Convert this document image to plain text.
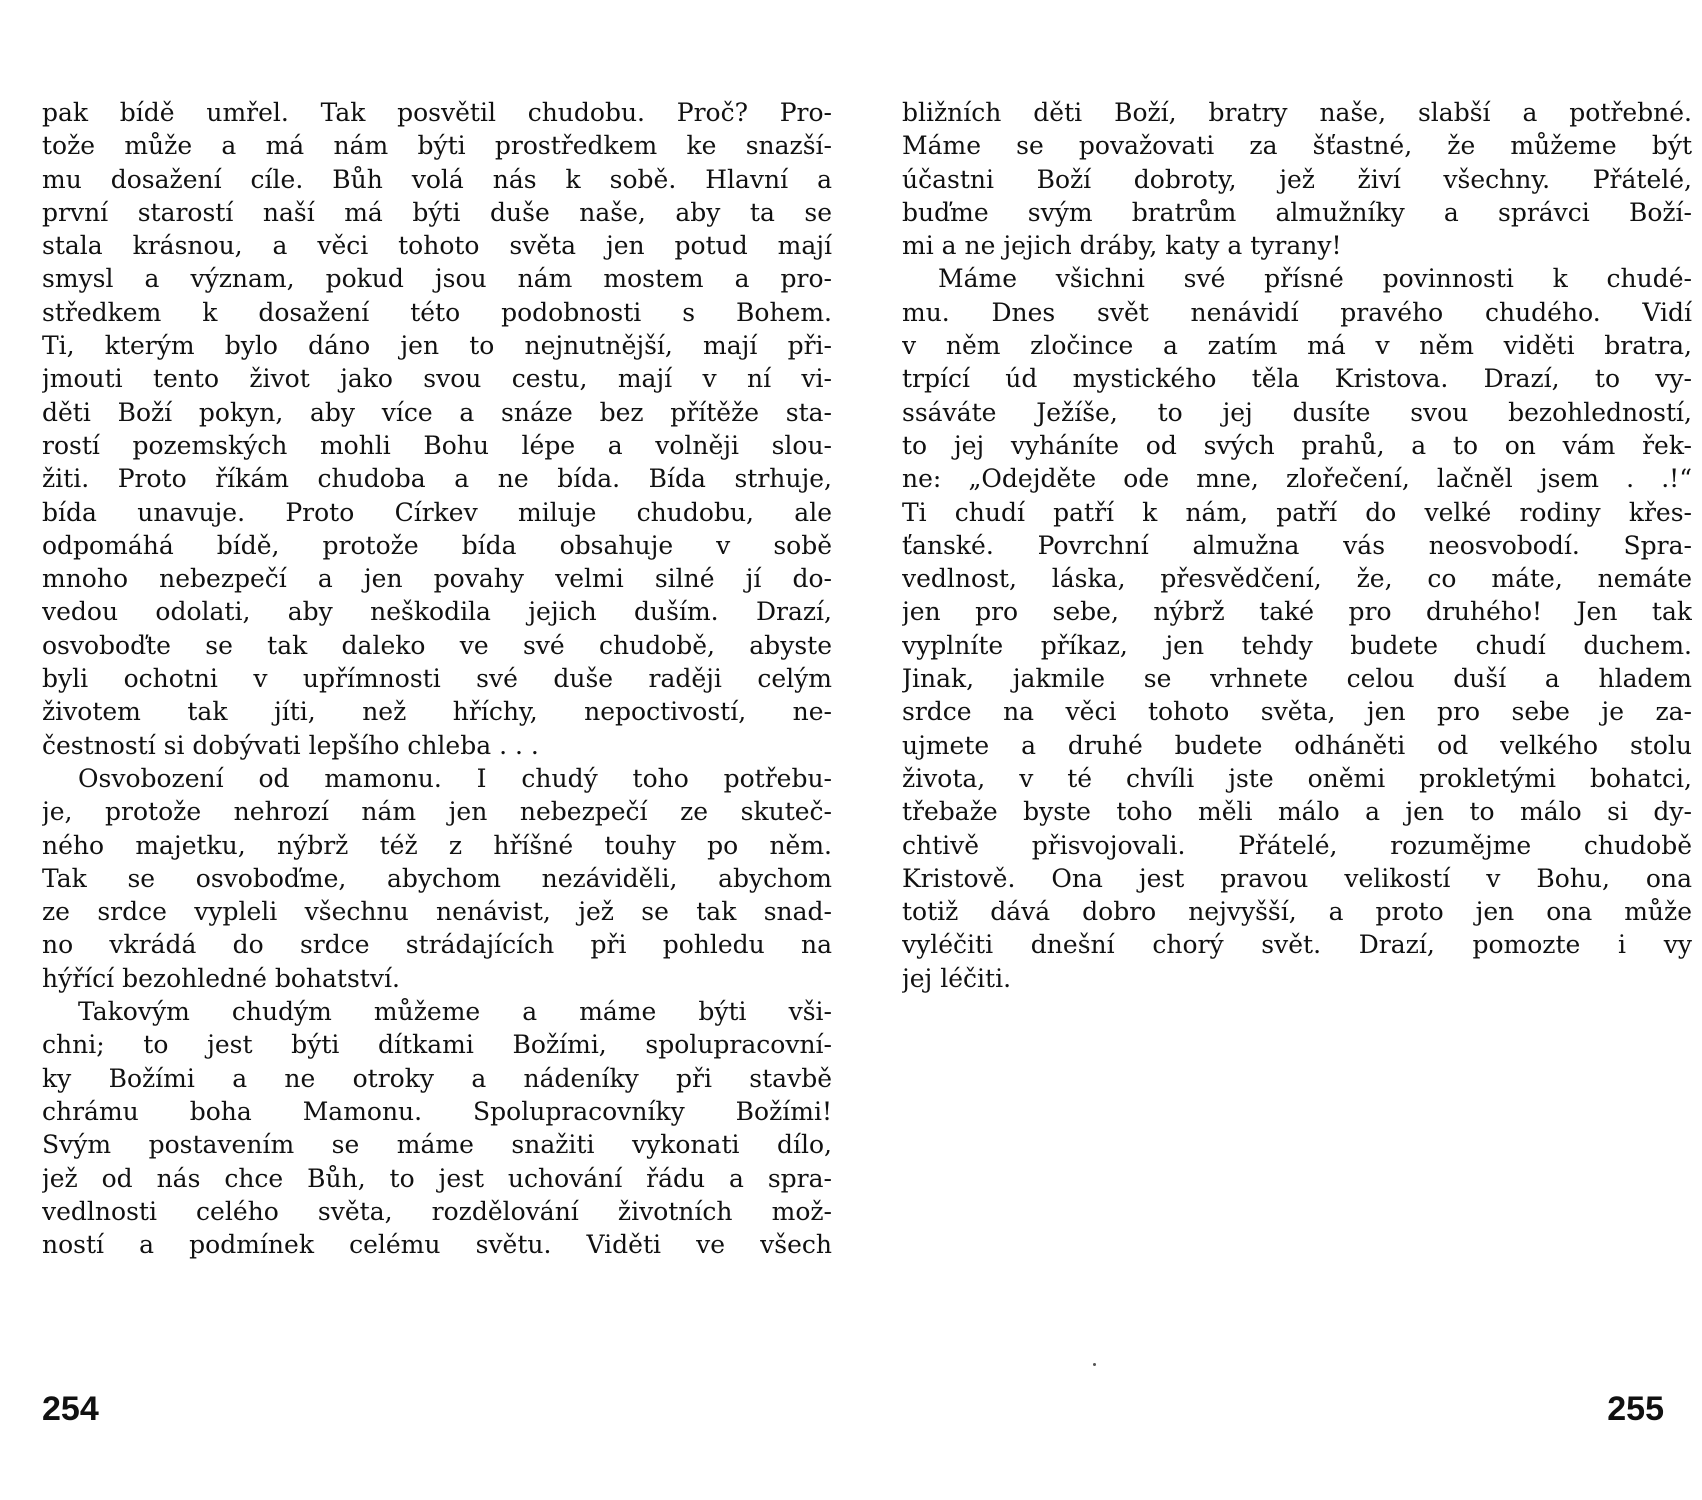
pak bídě umřel. Tak posvětil chudobu. Proč? Pro-
tože může a má nám býti prostředkem ke snazší-
mu dosažení cíle. Bůh volá nás k sobě. Hlavní a
první starostí naší má býti duše naše, aby ta se
stala krásnou, a věci tohoto světa jen potud mají
smysl a význam, pokud jsou nám mostem a pro-
středkem k dosažení této podobnosti s Bohem.
Ti, kterým bylo dáno jen to nejnutnější, mají při-
jmouti tento život jako svou cestu, mají v ní vi-
děti Boží pokyn, aby více a snáze bez přítěže sta-
rostí pozemských mohli Bohu lépe a volněji slou-
žiti. Proto říkám chudoba a ne bída. Bída strhuje,
bída unavuje. Proto Církev miluje chudobu, ale
odpomáhá bídě, protože bída obsahuje v sobě
mnoho nebezpečí a jen povahy velmi silné jí do-
vedou odolati, aby neškodila jejich duším. Drazí,
osvoboďte se tak daleko ve své chudobě, abyste
byli ochotni v upřímnosti své duše raději celým
životem tak jíti, než hříchy, nepoctivostí, ne-
čestností si dobývati lepšího chleba . . .
Osvobození od mamonu. I chudý toho potřebu-
je, protože nehrozí nám jen nebezpečí ze skuteč-
ného majetku, nýbrž též z hříšné touhy po něm.
Tak se osvoboďme, abychom nezáviděli, abychom
ze srdce vypleli všechnu nenávist, jež se tak snad-
no vkrádá do srdce strádajících při pohledu na
hýřící bezohledné bohatství.
Takovým chudým můžeme a máme býti vši-
chni; to jest býti dítkami Božími, spolupracovní-
ky Božími a ne otroky a nádeníky při stavbě
chrámu boha Mamonu. Spolupracovníky Božími!
Svým postavením se máme snažiti vykonati dílo,
jež od nás chce Bůh, to jest uchování řádu a spra-
vedlnosti celého světa, rozdělování životních mož-
ností a podmínek celému světu. Viděti ve všech
254
bližních děti Boží, bratry naše, slabší a potřebné.
Máme se považovati za šťastné, že můžeme být
účastni Boží dobroty, jež živí všechny. Přátelé,
buďme svým bratrům almužníky a správci Boží-
mi a ne jejich dráby, katy a tyrany!
Máme všichni své přísné povinnosti k chudé-
mu. Dnes svět nenávidí pravého chudého. Vidí
v něm zločince a zatím má v něm viděti bratra,
trpící úd mystického těla Kristova. Drazí, to vy-
ssáváte Ježíše, to jej dusíte svou bezohledností,
to jej vyháníte od svých prahů, a to on vám řek-
ne: „Odejděte ode mne, zlořečení, lačněl jsem . .!“
Ti chudí patří k nám, patří do velké rodiny křes-
ťanské. Povrchní almužna vás neosvobodí. Spra-
vedlnost, láska, přesvědčení, že, co máte, nemáte
jen pro sebe, nýbrž také pro druhého! Jen tak
vyplníte příkaz, jen tehdy budete chudí duchem.
Jinak, jakmile se vrhnete celou duší a hladem
srdce na věci tohoto světa, jen pro sebe je za-
ujmete a druhé budete odháněti od velkého stolu
života, v té chvíli jste oněmi prokletými bohatci,
třebaže byste toho měli málo a jen to málo si dy-
chtivě přisvojovali. Přátelé, rozumějme chudobě
Kristově. Ona jest pravou velikostí v Bohu, ona
totiž dává dobro nejvyšší, a proto jen ona může
vyléčiti dnešní chorý svět. Drazí, pomozte i vy
jej léčiti.
255
